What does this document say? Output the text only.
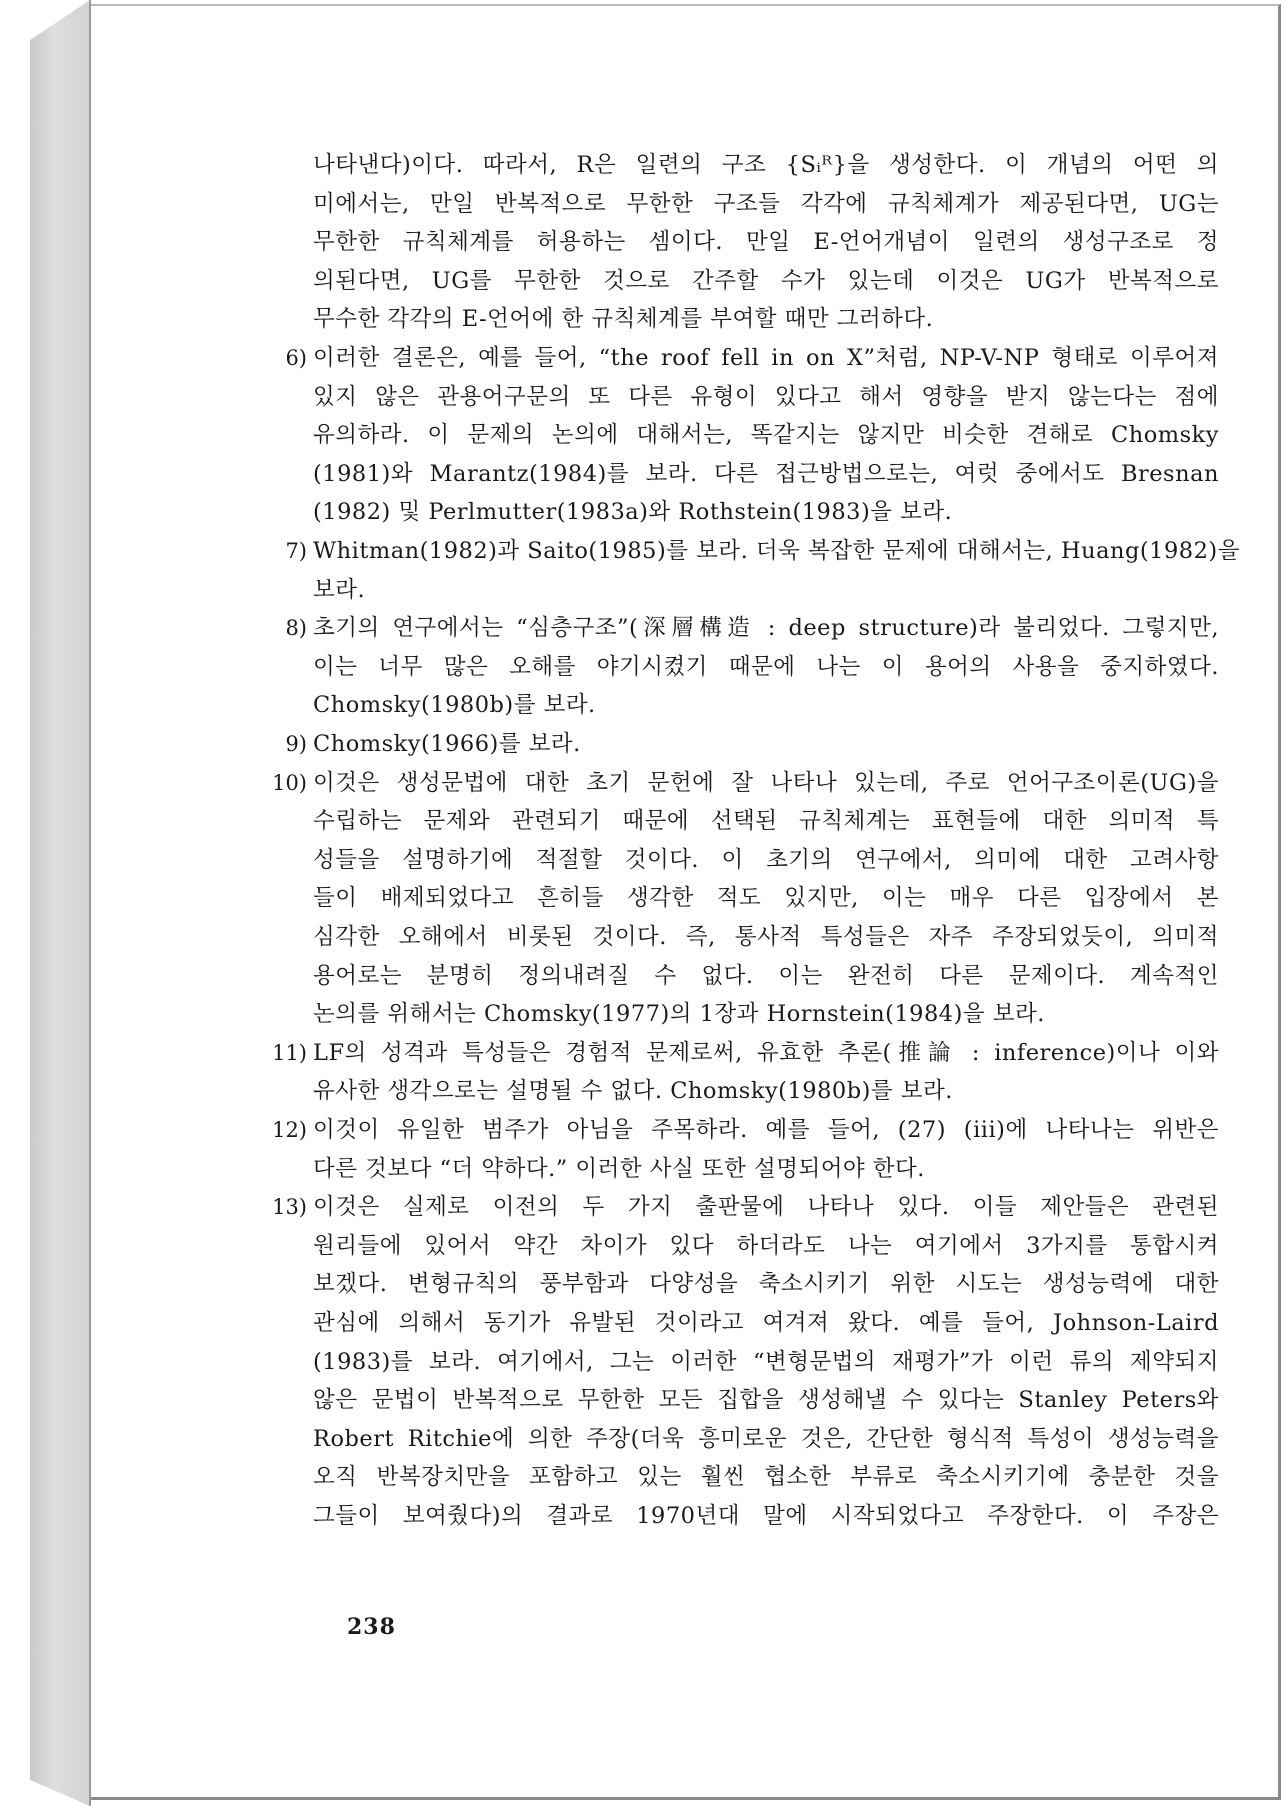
나타낸다)이다. 따라서, R은 일련의 구조 {Sᵢᴿ}을 생성한다. 이 개념의 어떤 의
미에서는, 만일 반복적으로 무한한 구조들 각각에 규칙체계가 제공된다면, UG는
무한한 규칙체계를 허용하는 셈이다. 만일 E-언어개념이 일련의 생성구조로 정
의된다면, UG를 무한한 것으로 간주할 수가 있는데 이것은 UG가 반복적으로
무수한 각각의 E-언어에 한 규칙체계를 부여할 때만 그러하다.
6) 이러한 결론은, 예를 들어, “the roof fell in on X”처럼, NP-V-NP 형태로 이루어져
있지 않은 관용어구문의 또 다른 유형이 있다고 해서 영향을 받지 않는다는 점에
유의하라. 이 문제의 논의에 대해서는, 똑같지는 않지만 비슷한 견해로 Chomsky
(1981)와 Marantz(1984)를 보라. 다른 접근방법으로는, 여럿 중에서도 Bresnan
(1982) 및 Perlmutter(1983a)와 Rothstein(1983)을 보라.
7) Whitman(1982)과 Saito(1985)를 보라. 더욱 복잡한 문제에 대해서는, Huang(1982)을
보라.
8) 초기의 연구에서는 “심층구조”(深層構造 : deep structure)라 불리었다. 그렇지만,
이는 너무 많은 오해를 야기시켰기 때문에 나는 이 용어의 사용을 중지하였다.
Chomsky(1980b)를 보라.
9) Chomsky(1966)를 보라.
10) 이것은 생성문법에 대한 초기 문헌에 잘 나타나 있는데, 주로 언어구조이론(UG)을
수립하는 문제와 관련되기 때문에 선택된 규칙체계는 표현들에 대한 의미적 특
성들을 설명하기에 적절할 것이다. 이 초기의 연구에서, 의미에 대한 고려사항
들이 배제되었다고 흔히들 생각한 적도 있지만, 이는 매우 다른 입장에서 본
심각한 오해에서 비롯된 것이다. 즉, 통사적 특성들은 자주 주장되었듯이, 의미적
용어로는 분명히 정의내려질 수 없다. 이는 완전히 다른 문제이다. 계속적인
논의를 위해서는 Chomsky(1977)의 1장과 Hornstein(1984)을 보라.
11) LF의 성격과 특성들은 경험적 문제로써, 유효한 추론(推論 : inference)이나 이와
유사한 생각으로는 설명될 수 없다. Chomsky(1980b)를 보라.
12) 이것이 유일한 범주가 아님을 주목하라. 예를 들어, (27) (iii)에 나타나는 위반은
다른 것보다 “더 약하다.” 이러한 사실 또한 설명되어야 한다.
13) 이것은 실제로 이전의 두 가지 출판물에 나타나 있다. 이들 제안들은 관련된
원리들에 있어서 약간 차이가 있다 하더라도 나는 여기에서 3가지를 통합시켜
보겠다. 변형규칙의 풍부함과 다양성을 축소시키기 위한 시도는 생성능력에 대한
관심에 의해서 동기가 유발된 것이라고 여겨져 왔다. 예를 들어, Johnson-Laird
(1983)를 보라. 여기에서, 그는 이러한 “변형문법의 재평가”가 이런 류의 제약되지
않은 문법이 반복적으로 무한한 모든 집합을 생성해낼 수 있다는 Stanley Peters와
Robert Ritchie에 의한 주장(더욱 흥미로운 것은, 간단한 형식적 특성이 생성능력을
오직 반복장치만을 포함하고 있는 훨씬 협소한 부류로 축소시키기에 충분한 것을
그들이 보여줬다)의 결과로 1970년대 말에 시작되었다고 주장한다. 이 주장은
238
